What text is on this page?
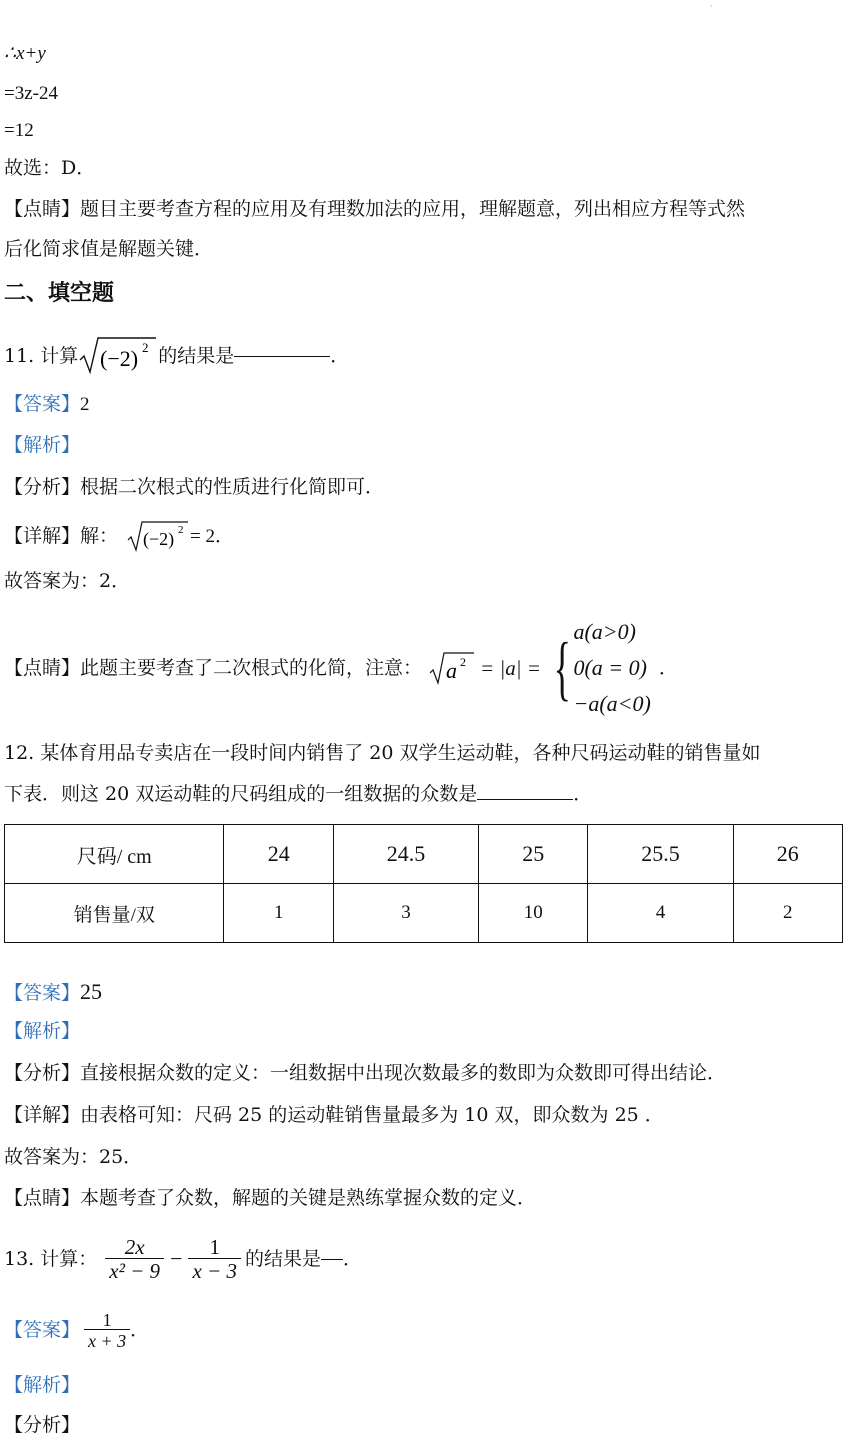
·
∴x+y
=3z-24
=12
故选：D．
【点睛】题目主要考查方程的应用及有理数加法的应用，理解题意，列出相应方程等式然
后化简求值是解题关键．
二、填空题
11. 计算 (−2) 2 的结果是	．
【答案】2
【解析】
【分析】根据二次根式的性质进行化简即可．
【详解】 解： (−2) 2 = 2 ．
故答案为：2．
【点睛】 此题主要考查了二次根式的化简，注意： a 2 = |a| = { a(a>0)
0(a = 0)
−a(a<0)
．
12. 某体育用品专卖店在一段时间内销售了 20 双学生运动鞋，各种尺码运动鞋的销售量如
下表．则这 20 双运动鞋的尺码组成的一组数据的众数是	．
尺码/ cm	24	24.5	25	25.5	26
销售量/双	1	3	10	4	2
【答案】25
【解析】
【分析】直接根据众数的定义：一组数据中出现次数最多的数即为众数即可得出结论．
【详解】由表格可知：尺码 25 的运动鞋销售量最多为 10 双，即众数为 25 ．
故答案为：25．
【点睛】本题考查了众数，解题的关键是熟练掌握众数的定义．
13. 计算： $\frac{2x}{\text{x² − 9}} - \frac{1}{x - 3}$ 的结果是 ．
【答案】 $\frac{1}{x + 3}$ ．
【解析】
【分析】
